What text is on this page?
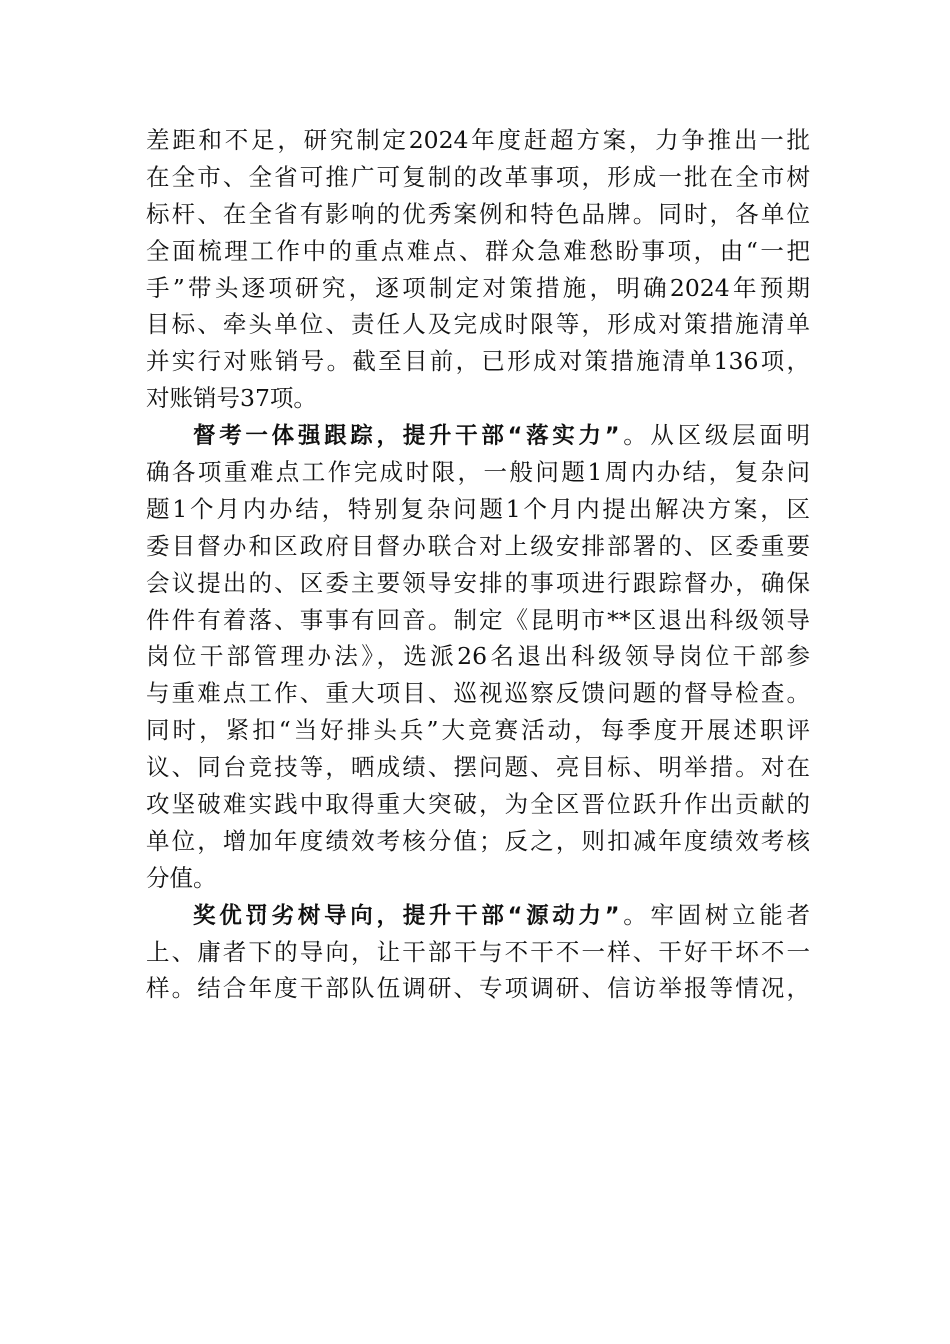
差距和不足，研究制定2024年度赶超方案，力争推出一批
在全市、全省可推广可复制的改革事项，形成一批在全市树
标杆、在全省有影响的优秀案例和特色品牌。同时，各单位
全面梳理工作中的重点难点、群众急难愁盼事项，由“一把
手”带头逐项研究，逐项制定对策措施，明确2024年预期
目标、牵头单位、责任人及完成时限等，形成对策措施清单
并实行对账销号。截至目前，已形成对策措施清单136项，
对账销号37项。

督考一体强跟踪，提升干部“落实力”。从区级层面明
确各项重难点工作完成时限，一般问题1周内办结，复杂问
题1个月内办结，特别复杂问题1个月内提出解决方案，区
委目督办和区政府目督办联合对上级安排部署的、区委重要
会议提出的、区委主要领导安排的事项进行跟踪督办，确保
件件有着落、事事有回音。制定《昆明市**区退出科级领导
岗位干部管理办法》，选派26名退出科级领导岗位干部参
与重难点工作、重大项目、巡视巡察反馈问题的督导检查。
同时，紧扣“当好排头兵”大竞赛活动，每季度开展述职评
议、同台竞技等，晒成绩、摆问题、亮目标、明举措。对在
攻坚破难实践中取得重大突破，为全区晋位跃升作出贡献的
单位，增加年度绩效考核分值；反之，则扣减年度绩效考核
分值。

奖优罚劣树导向，提升干部“源动力”。牢固树立能者
上、庸者下的导向，让干部干与不干不一样、干好干坏不一
样。结合年度干部队伍调研、专项调研、信访举报等情况，
